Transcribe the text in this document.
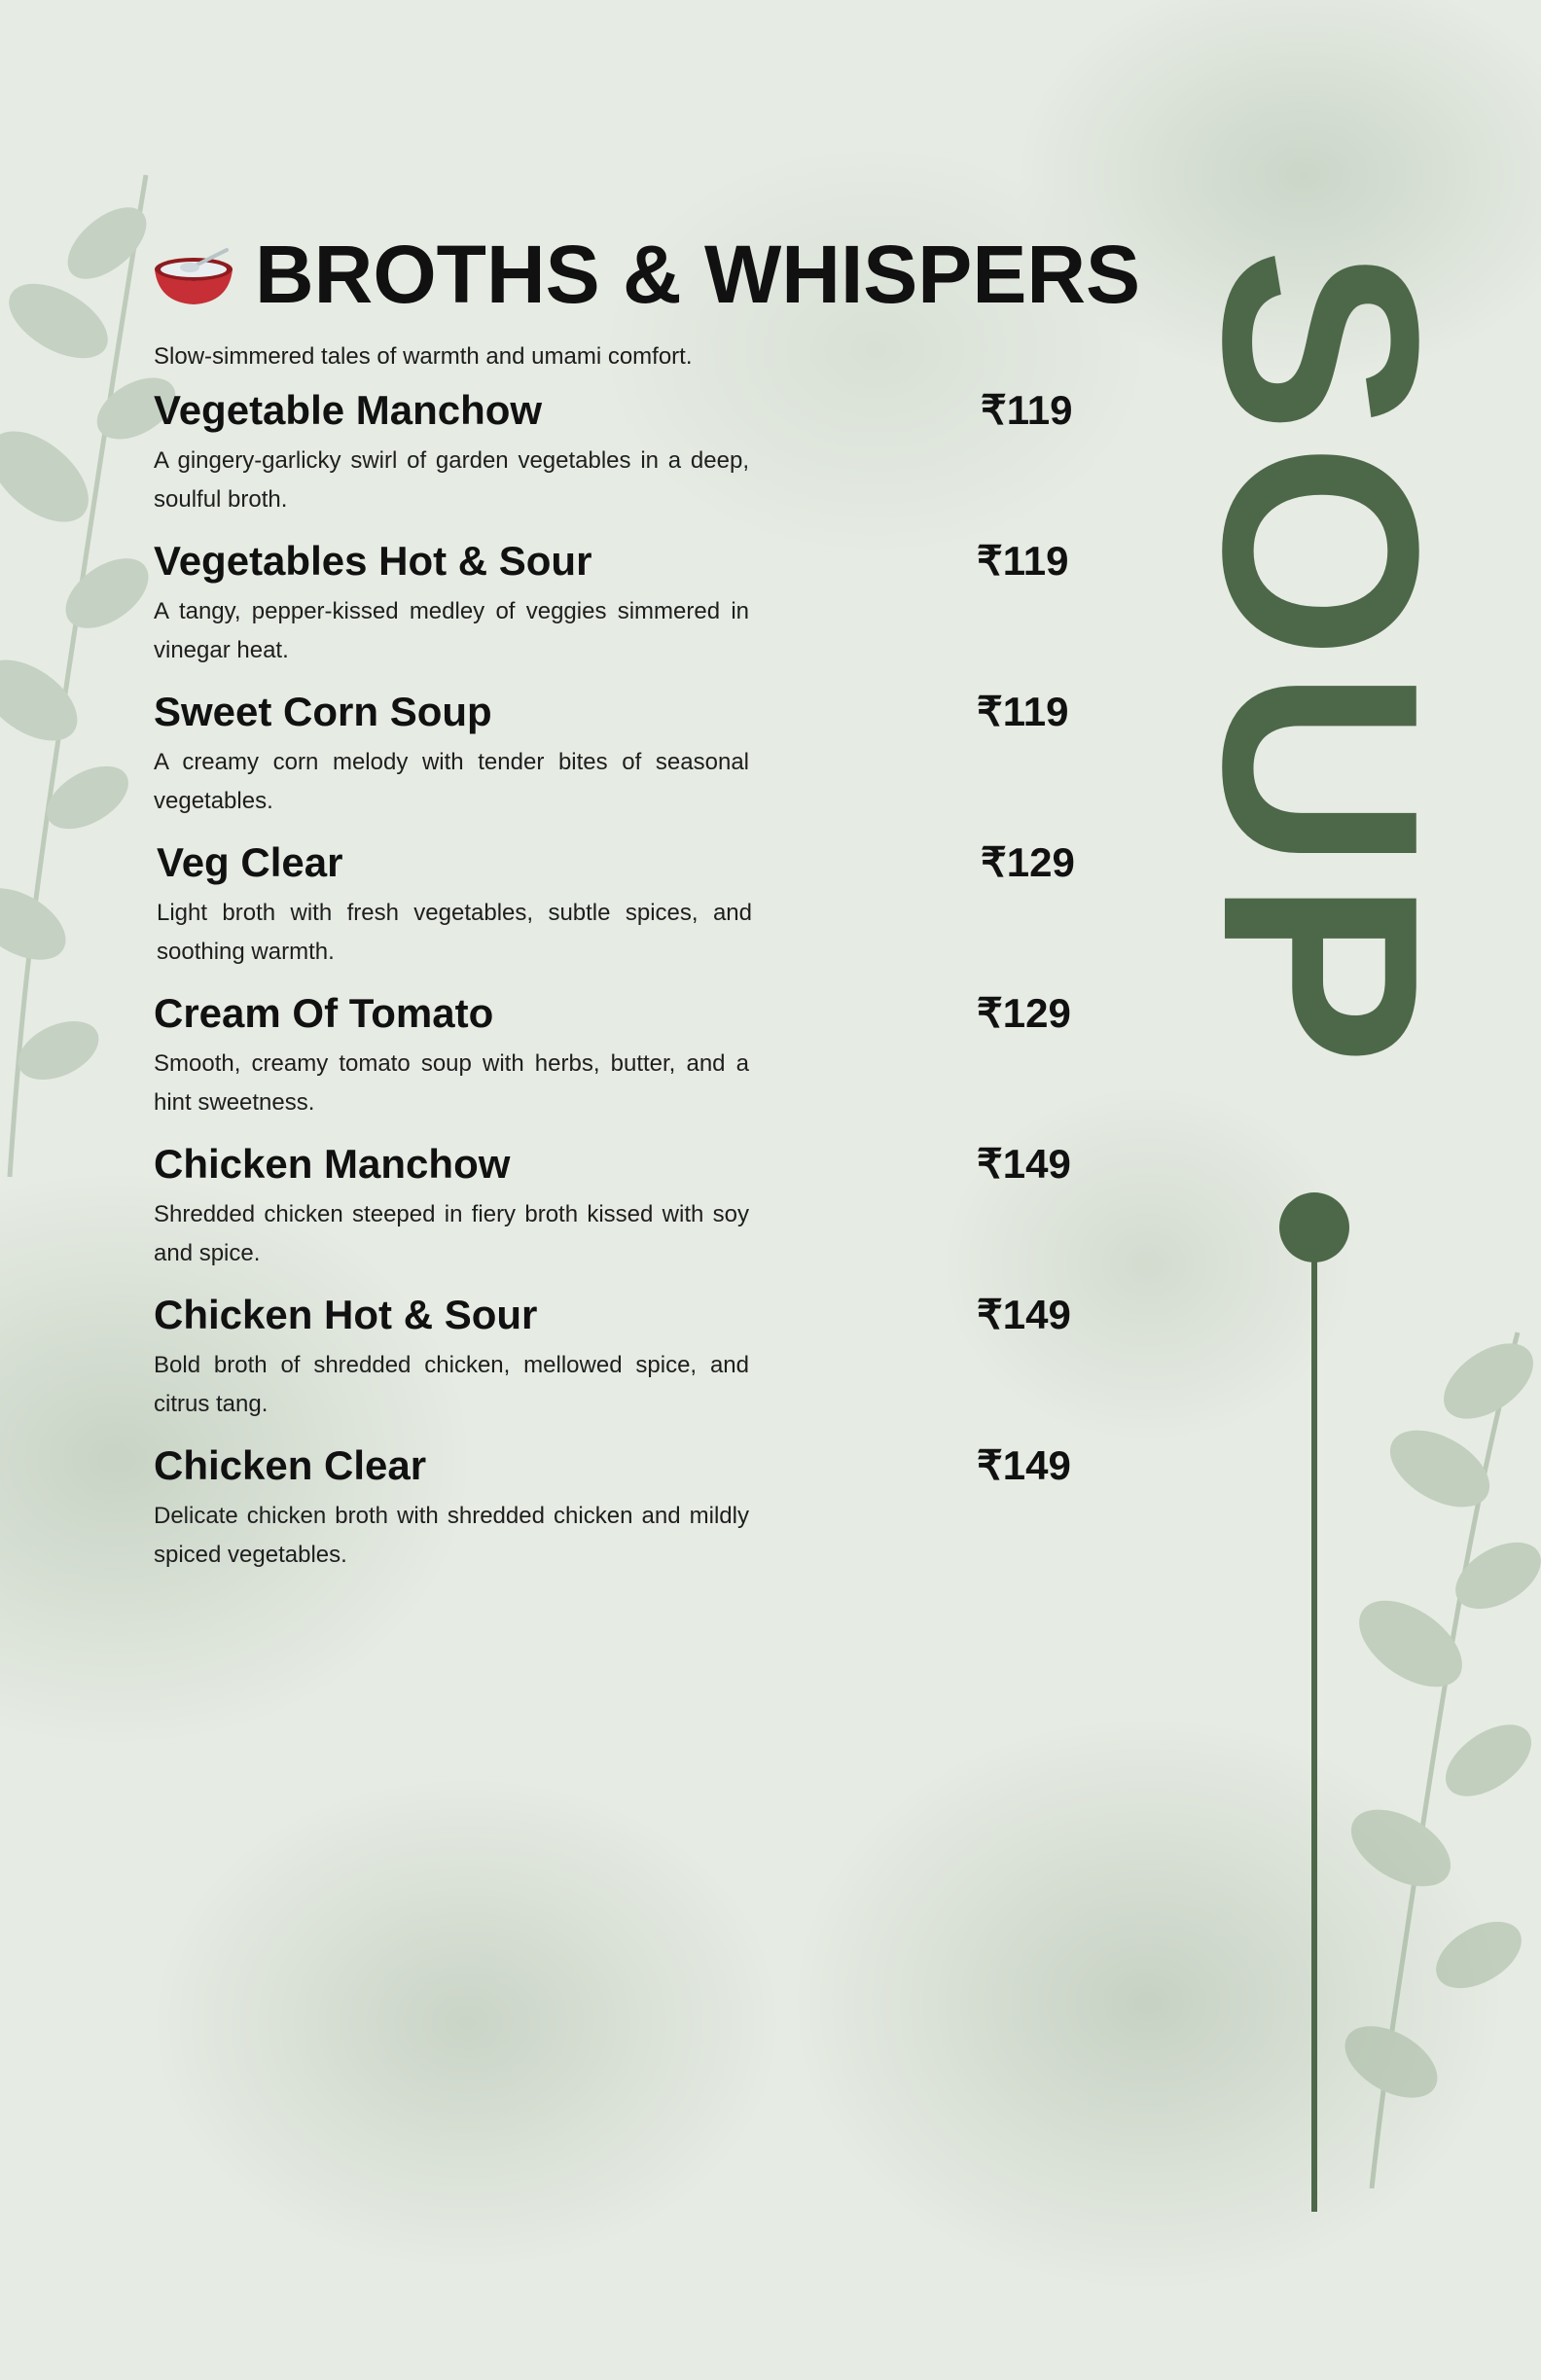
BROTHS & WHISPERS
Slow-simmered tales of warmth and umami comfort.
Vegetable Manchow	₹119
A gingery-garlicky swirl of garden vegetables in a deep, soulful broth.
Vegetables Hot & Sour	₹119
A tangy, pepper-kissed medley of veggies simmered in vinegar heat.
Sweet Corn Soup	₹119
A creamy corn melody with tender bites of seasonal vegetables.
Veg Clear	₹129
Light broth with fresh vegetables, subtle spices, and soothing warmth.
Cream Of Tomato	₹129
Smooth, creamy tomato soup with herbs, butter, and a hint sweetness.
Chicken Manchow	₹149
Shredded chicken steeped in fiery broth kissed with soy and spice.
Chicken Hot & Sour	₹149
Bold broth of shredded chicken, mellowed spice, and citrus tang.
Chicken Clear	₹149
Delicate chicken broth with shredded chicken and mildly spiced vegetables.
SOUP
